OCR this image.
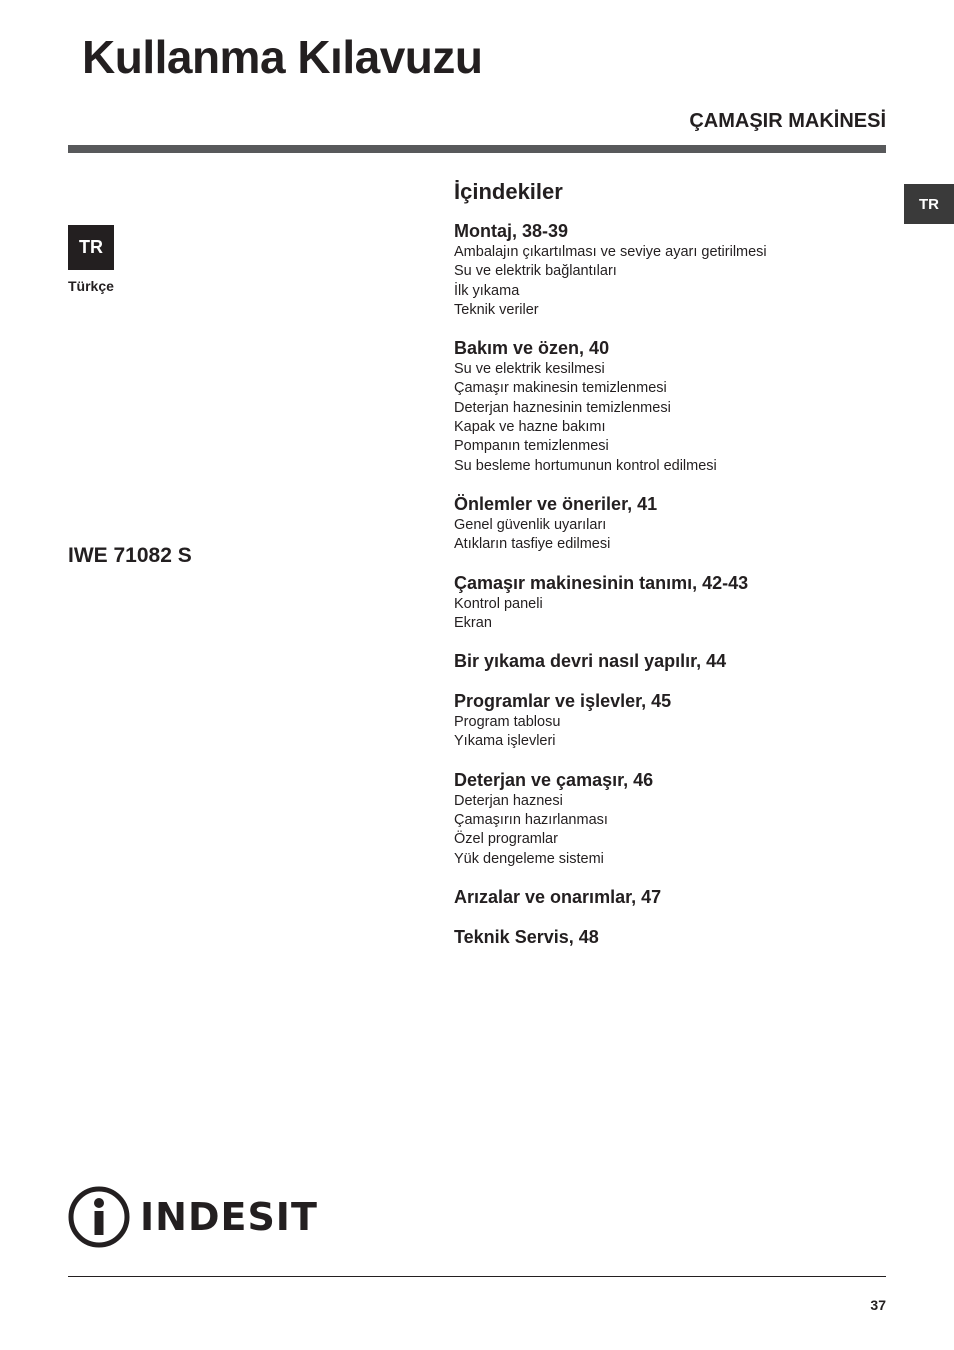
Kullanma Kılavuzu
ÇAMAŞIR MAKİNESİ
TR
TR
Türkçe
IWE 71082 S
İçindekiler
Montaj, 38-39
Ambalajın çıkartılması ve seviye ayarı getirilmesi
Su ve elektrik bağlantıları
İlk yıkama
Teknik veriler
Bakım ve özen, 40
Su ve elektrik kesilmesi
Çamaşır makinesin temizlenmesi
Deterjan haznesinin temizlenmesi
Kapak ve hazne bakımı
Pompanın temizlenmesi
Su besleme hortumunun kontrol edilmesi
Önlemler ve öneriler, 41
Genel güvenlik uyarıları
Atıkların tasfiye edilmesi
Çamaşır makinesinin tanımı, 42-43
Kontrol paneli
Ekran
Bir yıkama devri nasıl yapılır, 44
Programlar ve işlevler, 45
Program tablosu
Yıkama işlevleri
Deterjan ve çamaşır, 46
Deterjan haznesi
Çamaşırın hazırlanması
Özel programlar
Yük dengeleme sistemi
Arızalar ve onarımlar, 47
Teknik Servis, 48
INDESIT
37
